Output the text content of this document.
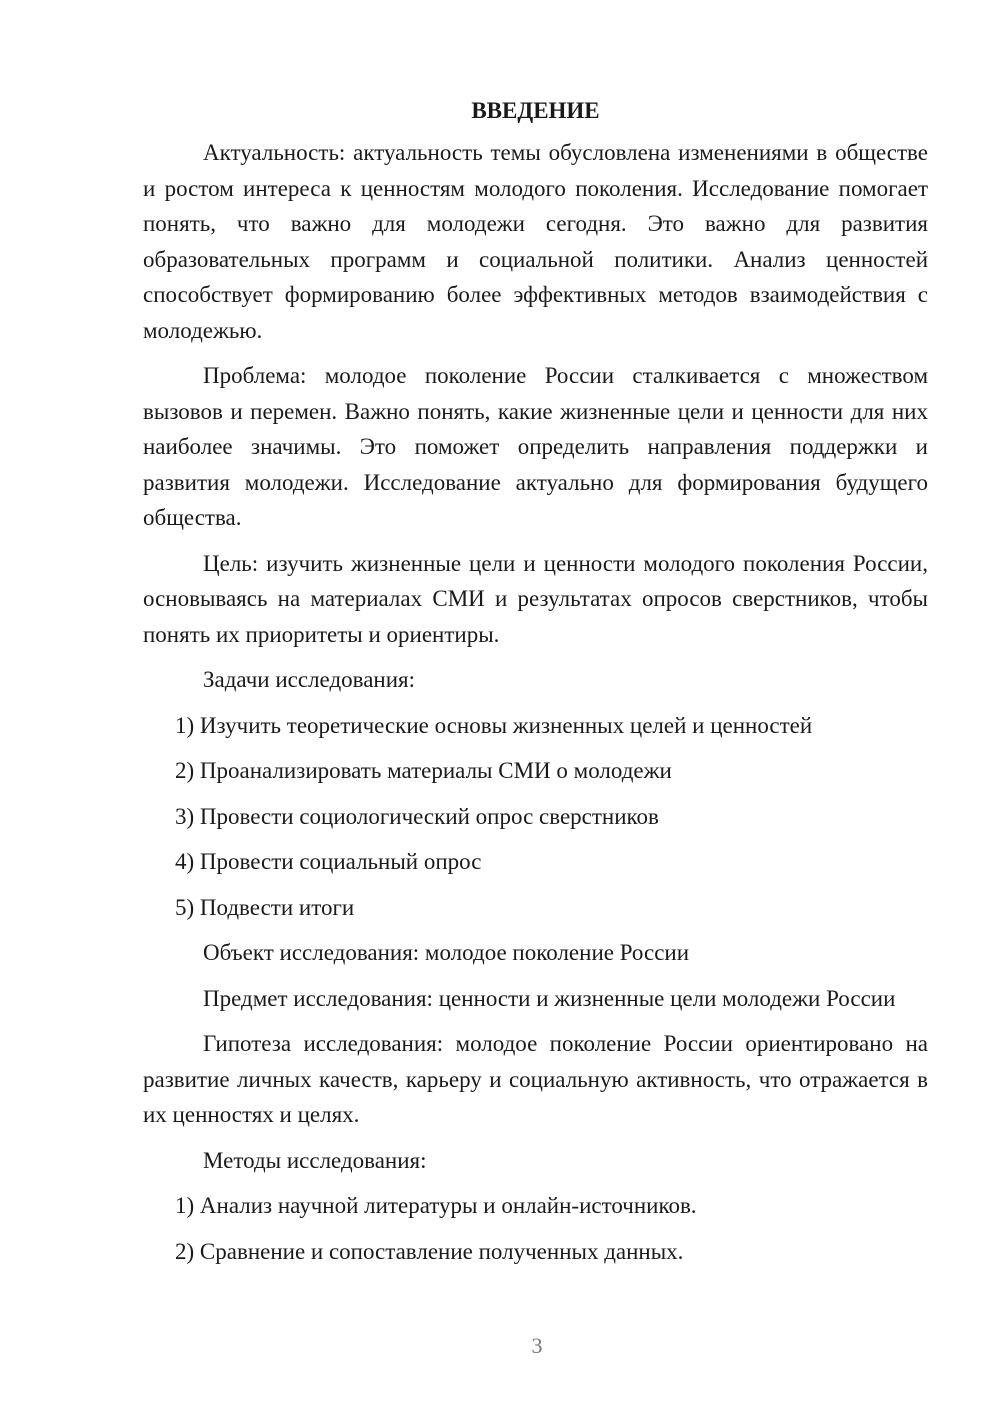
ВВЕДЕНИЕ

Актуальность: актуальность темы обусловлена изменениями в обществе и ростом интереса к ценностям молодого поколения. Исследование помогает понять, что важно для молодежи сегодня. Это важно для развития образовательных программ и социальной политики. Анализ ценностей способствует формированию более эффективных методов взаимодействия с молодежью.

Проблема: молодое поколение России сталкивается с множеством вызовов и перемен. Важно понять, какие жизненные цели и ценности для них наиболее значимы. Это поможет определить направления поддержки и развития молодежи. Исследование актуально для формирования будущего общества.

Цель: изучить жизненные цели и ценности молодого поколения России, основываясь на материалах СМИ и результатах опросов сверстников, чтобы понять их приоритеты и ориентиры.

Задачи исследования:

1) Изучить теоретические основы жизненных целей и ценностей
2) Проанализировать материалы СМИ о молодежи
3) Провести социологический опрос сверстников
4) Провести социальный опрос
5) Подвести итоги

Объект исследования: молодое поколение России

Предмет исследования: ценности и жизненные цели молодежи России

Гипотеза исследования: молодое поколение России ориентировано на развитие личных качеств, карьеру и социальную активность, что отражается в их ценностях и целях.

Методы исследования:

1) Анализ научной литературы и онлайн-источников.
2) Сравнение и сопоставление полученных данных.
3
